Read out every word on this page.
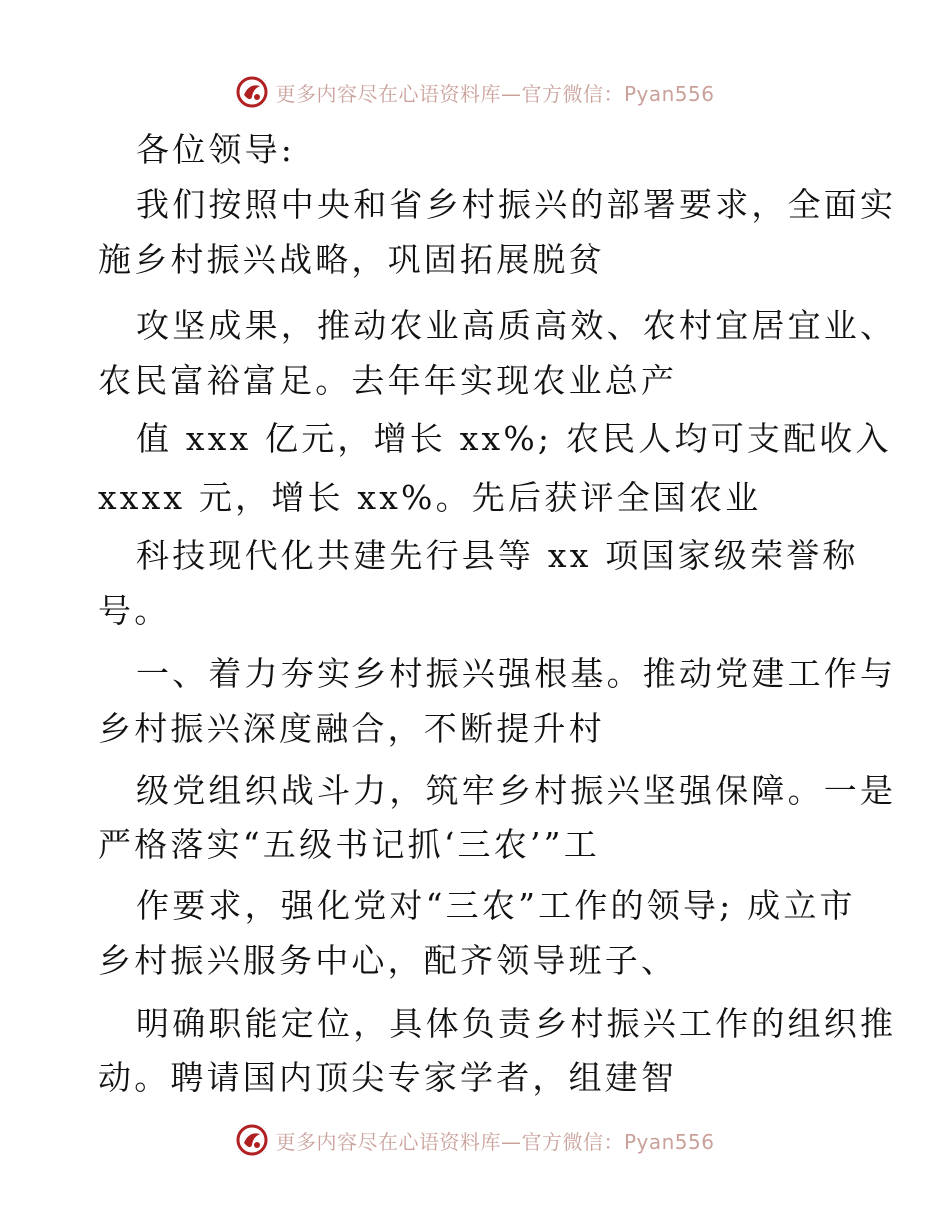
更多内容尽在心语资料库—官方微信：Pyan556
各位领导:
我们按照中央和省乡村振兴的部署要求，全面实
施乡村振兴战略，巩固拓展脱贫
攻坚成果，推动农业高质高效、农村宜居宜业、
农民富裕富足。去年年实现农业总产
值 xxx 亿元，增长 xx%; 农民人均可支配收入
xxxx 元，增长 xx%。先后获评全国农业
科技现代化共建先行县等 xx 项国家级荣誉称
号。
一、着力夯实乡村振兴强根基。推动党建工作与
乡村振兴深度融合，不断提升村
级党组织战斗力，筑牢乡村振兴坚强保障。一是
严格落实“五级书记抓‘三农’”工
作要求，强化党对“三农”工作的领导; 成立市
乡村振兴服务中心，配齐领导班子、
明确职能定位，具体负责乡村振兴工作的组织推
动。聘请国内顶尖专家学者，组建智
更多内容尽在心语资料库—官方微信：Pyan556
